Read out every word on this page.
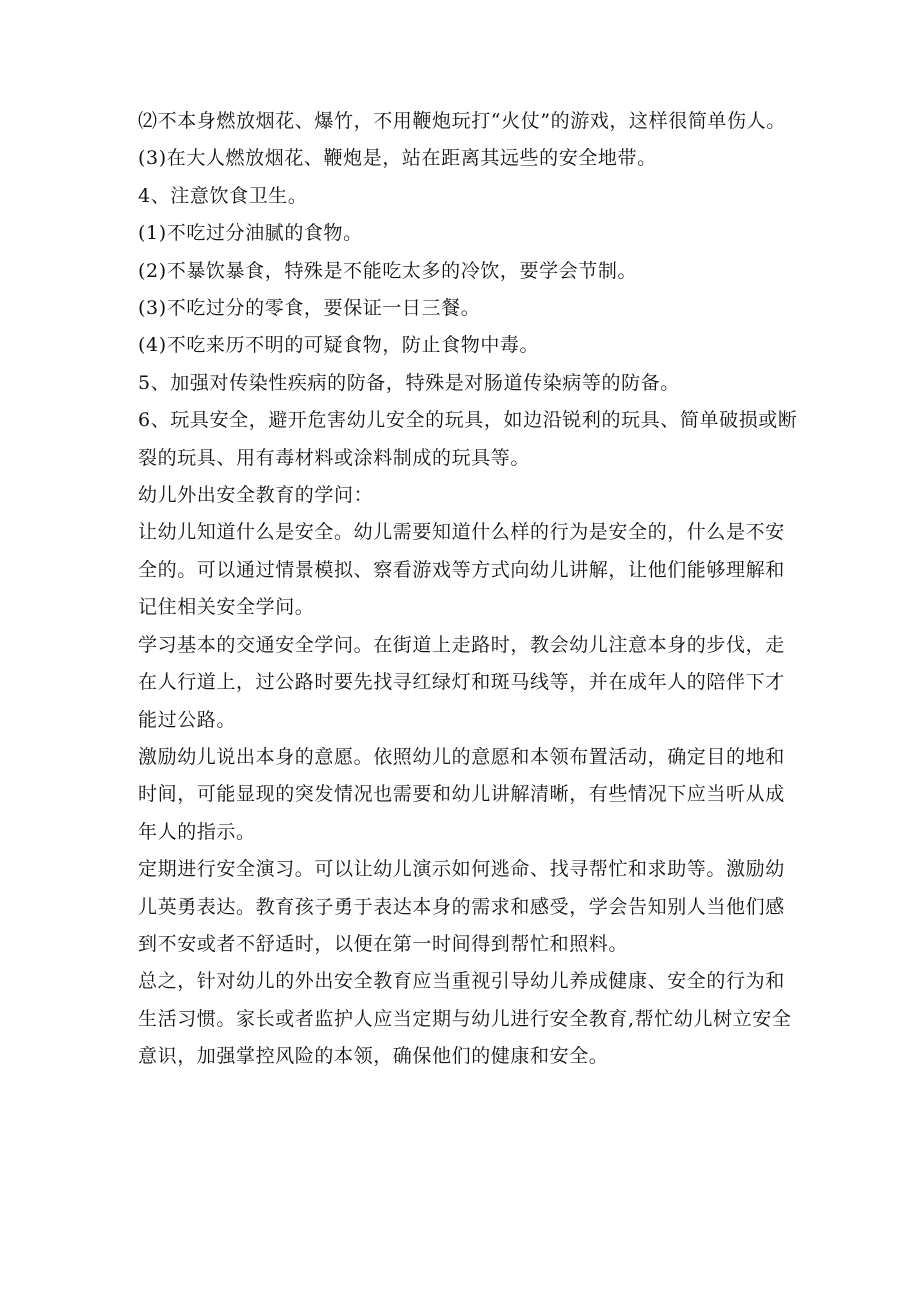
⑵不本身燃放烟花、爆竹，不用鞭炮玩打“火仗”的游戏，这样很简单伤人。

(3)在大人燃放烟花、鞭炮是，站在距离其远些的安全地带。

4、注意饮食卫生。

(1)不吃过分油腻的食物。

(2)不暴饮暴食，特殊是不能吃太多的冷饮，要学会节制。

(3)不吃过分的零食，要保证一日三餐。

(4)不吃来历不明的可疑食物，防止食物中毒。

5、加强对传染性疾病的防备，特殊是对肠道传染病等的防备。

6、玩具安全，避开危害幼儿安全的玩具，如边沿锐利的玩具、简单破损或断裂的玩具、用有毒材料或涂料制成的玩具等。

幼儿外出安全教育的学问：

让幼儿知道什么是安全。幼儿需要知道什么样的行为是安全的，什么是不安全的。可以通过情景模拟、察看游戏等方式向幼儿讲解，让他们能够理解和记住相关安全学问。

学习基本的交通安全学问。在街道上走路时，教会幼儿注意本身的步伐，走在人行道上，过公路时要先找寻红绿灯和斑马线等，并在成年人的陪伴下才能过公路。

激励幼儿说出本身的意愿。依照幼儿的意愿和本领布置活动，确定目的地和时间，可能显现的突发情况也需要和幼儿讲解清晰，有些情况下应当听从成年人的指示。

定期进行安全演习。可以让幼儿演示如何逃命、找寻帮忙和求助等。激励幼儿英勇表达。教育孩子勇于表达本身的需求和感受，学会告知别人当他们感到不安或者不舒适时，以便在第一时间得到帮忙和照料。

总之，针对幼儿的外出安全教育应当重视引导幼儿养成健康、安全的行为和生活习惯。家长或者监护人应当定期与幼儿进行安全教育,帮忙幼儿树立安全意识，加强掌控风险的本领，确保他们的健康和安全。
